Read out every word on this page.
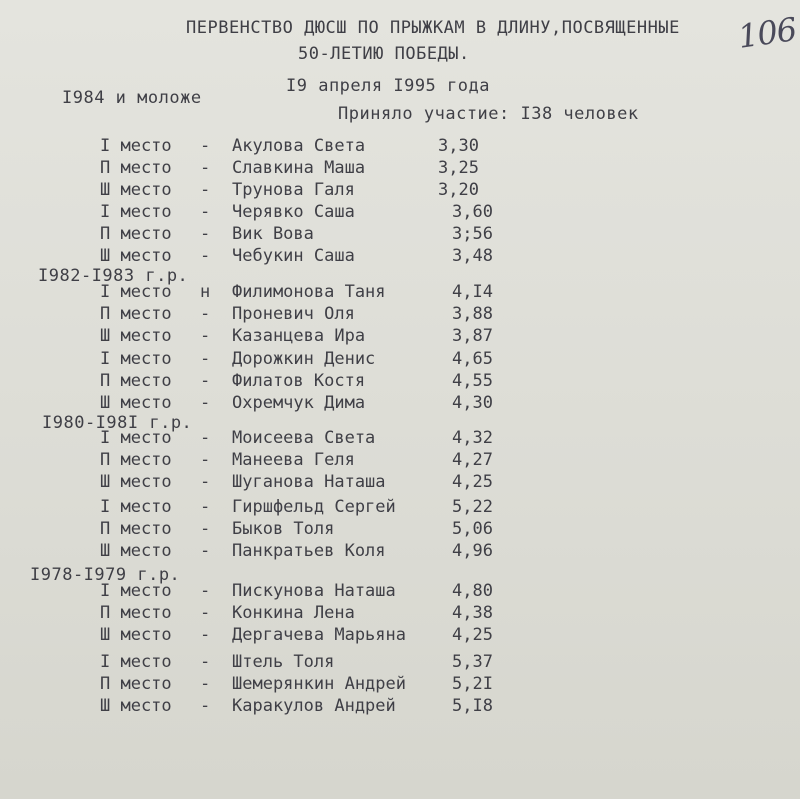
ПЕРВЕНСТВО ДЮСШ ПО ПРЫЖКАМ В ДЛИНУ,ПОСВЯЩЕННЫЕ 106
50-ЛЕТИЮ ПОБЕДЫ.
I9 апреля I995 года
I984 и моложе
Приняло участие: I38 человек
I982-I983 г.р.
I980-I98I г.р.
I978-I979 г.р.
I место - Акулова Света	3,30
П место - Славкина Маша	3,25
Ш место - Трунова Галя	3,20
I место - Черявко Саша	3,60
П место - Вик Вова	3;56
Ш место - Чебукин Саша	3,48
I место н Филимонова Таня	4,I4
П место - Проневич Оля	3,88
Ш место - Казанцева Ира	3,87
I место - Дорожкин Денис	4,65
П место - Филатов Костя	4,55
Ш место - Охремчук Дима	4,30
I место - Моисеева Света	4,32
П место - Манеева Геля	4,27
Ш место - Шуганова Наташа	4,25
I место - Гиршфельд Сергей	5,22
П место - Быков Толя	5,06
Ш место - Панкратьев Коля	4,96
I место - Пискунова Наташа	4,80
П место - Конкина Лена	4,38
Ш место - Дергачева Марьяна	4,25
I место - Штель Толя	5,37
П место - Шемерянкин Андрей	5,2I
Ш место - Каракулов Андрей	5,I8
